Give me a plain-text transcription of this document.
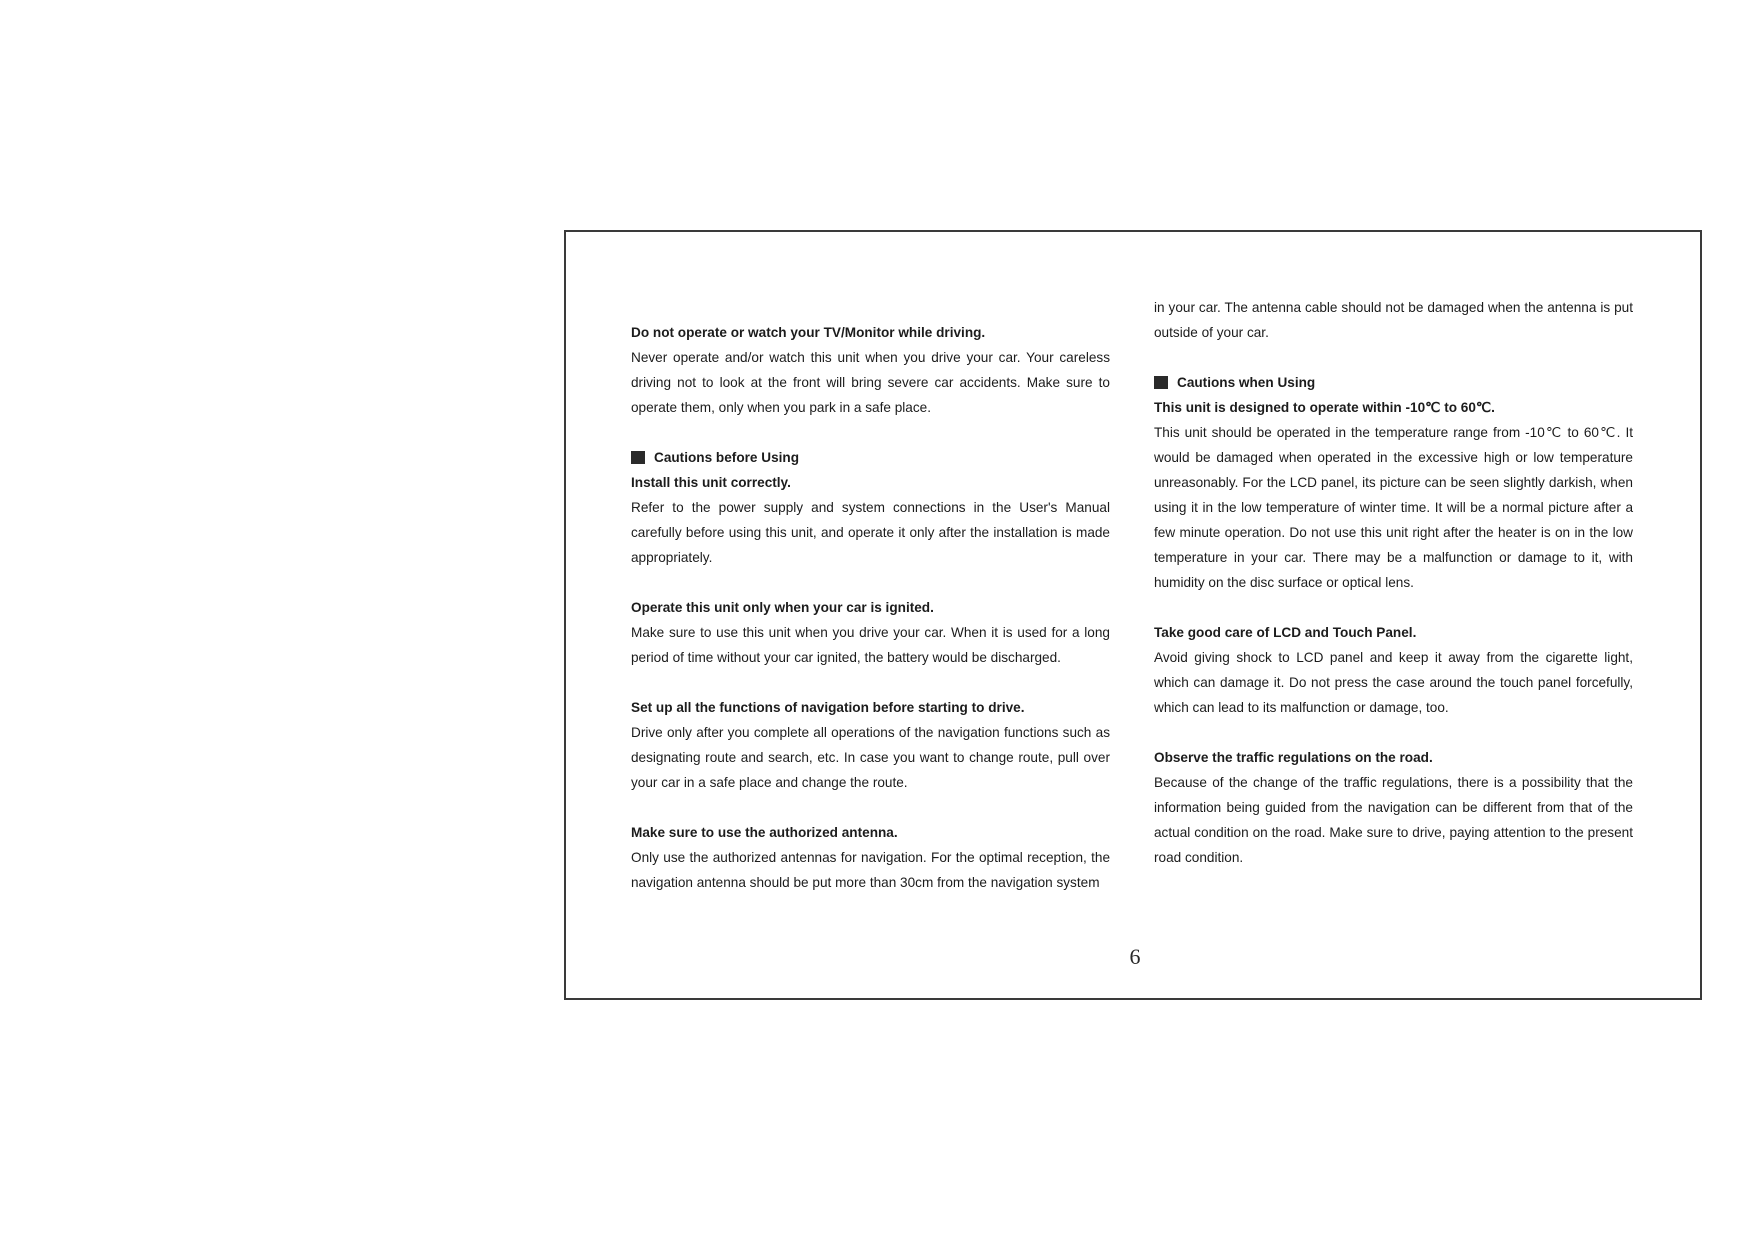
Do not operate or watch your TV/Monitor while driving.

Never operate and/or watch this unit when you drive your car. Your careless driving not to look at the front will bring severe car accidents. Make sure to operate them, only when you park in a safe place.

Cautions before Using

Install this unit correctly.

Refer to the power supply and system connections in the User's Manual carefully before using this unit, and operate it only after the installation is made appropriately.

Operate this unit only when your car is ignited.

Make sure to use this unit when you drive your car. When it is used for a long period of time without your car ignited, the battery would be discharged.

Set up all the functions of navigation before starting to drive.

Drive only after you complete all operations of the navigation functions such as designating route and search, etc. In case you want to change route, pull over your car in a safe place and change the route.

Make sure to use the authorized antenna.

Only use the authorized antennas for navigation. For the optimal reception, the navigation antenna should be put more than 30cm from the navigation system

in your car. The antenna cable should not be damaged when the antenna is put outside of your car.

Cautions when Using

This unit is designed to operate within -10℃ to 60℃.

This unit should be operated in the temperature range from -10℃ to 60℃. It would be damaged when operated in the excessive high or low temperature unreasonably. For the LCD panel, its picture can be seen slightly darkish, when using it in the low temperature of winter time. It will be a normal picture after a few minute operation. Do not use this unit right after the heater is on in the low temperature in your car. There may be a malfunction or damage to it, with humidity on the disc surface or optical lens.

Take good care of LCD and Touch Panel.

Avoid giving shock to LCD panel and keep it away from the cigarette light, which can damage it. Do not press the case around the touch panel forcefully, which can lead to its malfunction or damage, too.

Observe the traffic regulations on the road.

Because of the change of the traffic regulations, there is a possibility that the information being guided from the navigation can be different from that of the actual condition on the road. Make sure to drive, paying attention to the present road condition.

6
